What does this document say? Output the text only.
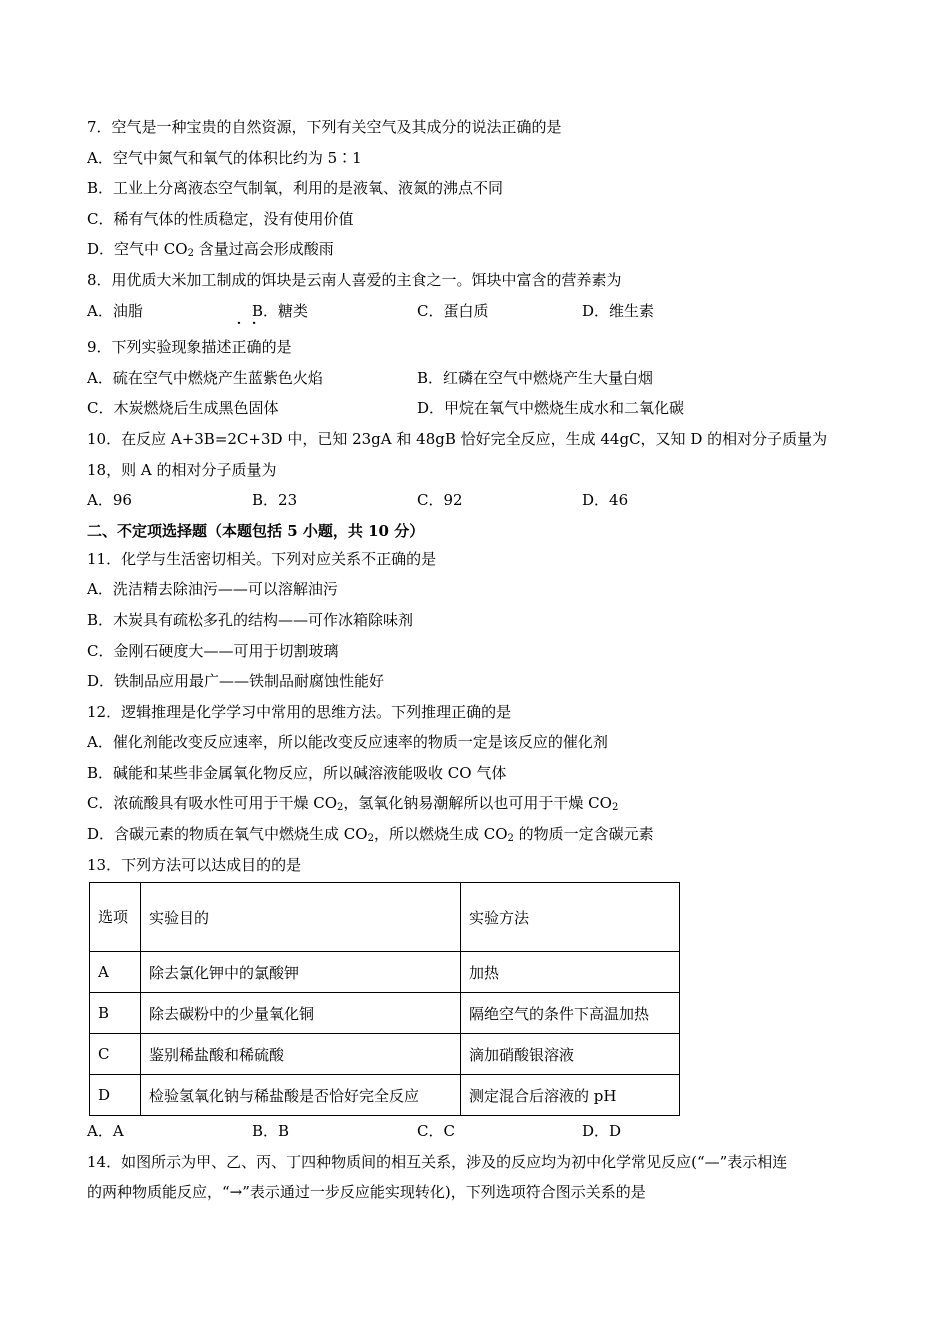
7．空气是一种宝贵的自然资源，下列有关空气及其成分的说法正确的是
A．空气中氮气和氧气的体积比约为 5∶1
B．工业上分离液态空气制氧，利用的是液氧、液氮的沸点不同
C．稀有气体的性质稳定，没有使用价值
D．空气中 $CO_2$ 含量过高会形成酸雨
8．用优质大米加工制成的饵块是云南人喜爱的主食之一。饵块中富含的营养素为
A．油脂	B．糖类	C．蛋白质	D．维生素
9．下列实验现象描述正确的是
A．硫在空气中燃烧产生蓝紫色火焰	B．红磷在空气中燃烧产生大量白烟
C．木炭燃烧后生成黑色固体	D．甲烷在氧气中燃烧生成水和二氧化碳
10．在反应 A+3B=2C+3D 中，已知 23gA 和 48gB 恰好完全反应，生成 44gC，又知 D 的相对分子质量为
18，则 A 的相对分子质量为
A．96	B．23	C．92	D．46
二、不定项选择题（本题包括 5 小题，共 10 分）
11．化学与生活密切相关。下列对应关系不正确的是
A．洗洁精去除油污——可以溶解油污
B．木炭具有疏松多孔的结构——可作冰箱除味剂
C．金刚石硬度大——可用于切割玻璃
D．铁制品应用最广——铁制品耐腐蚀性能好
12．逻辑推理是化学学习中常用的思维方法。下列推理正确的是
A．催化剂能改变反应速率，所以能改变反应速率的物质一定是该反应的催化剂
B．碱能和某些非金属氧化物反应，所以碱溶液能吸收 CO 气体
C．浓硫酸具有吸水性可用于干燥 $CO_2$，氢氧化钠易潮解所以也可用于干燥 $CO_2$
D．含碳元素的物质在氧气中燃烧生成 $CO_2$，所以燃烧生成 $CO_2$ 的物质一定含碳元素
13．下列方法可以达成目的的是
选项	实验目的	实验方法
A	除去氯化钾中的氯酸钾	加热
B	除去碳粉中的少量氧化铜	隔绝空气的条件下高温加热
C	鉴别稀盐酸和稀硫酸	滴加硝酸银溶液
D	检验氢氧化钠与稀盐酸是否恰好完全反应	测定混合后溶液的 pH
A．A	B．B	C．C	D．D
14．如图所示为甲、乙、丙、丁四种物质间的相互关系，涉及的反应均为初中化学常见反应(“—”表示相连
的两种物质能反应，“→”表示通过一步反应能实现转化)，下列选项符合图示关系的是
